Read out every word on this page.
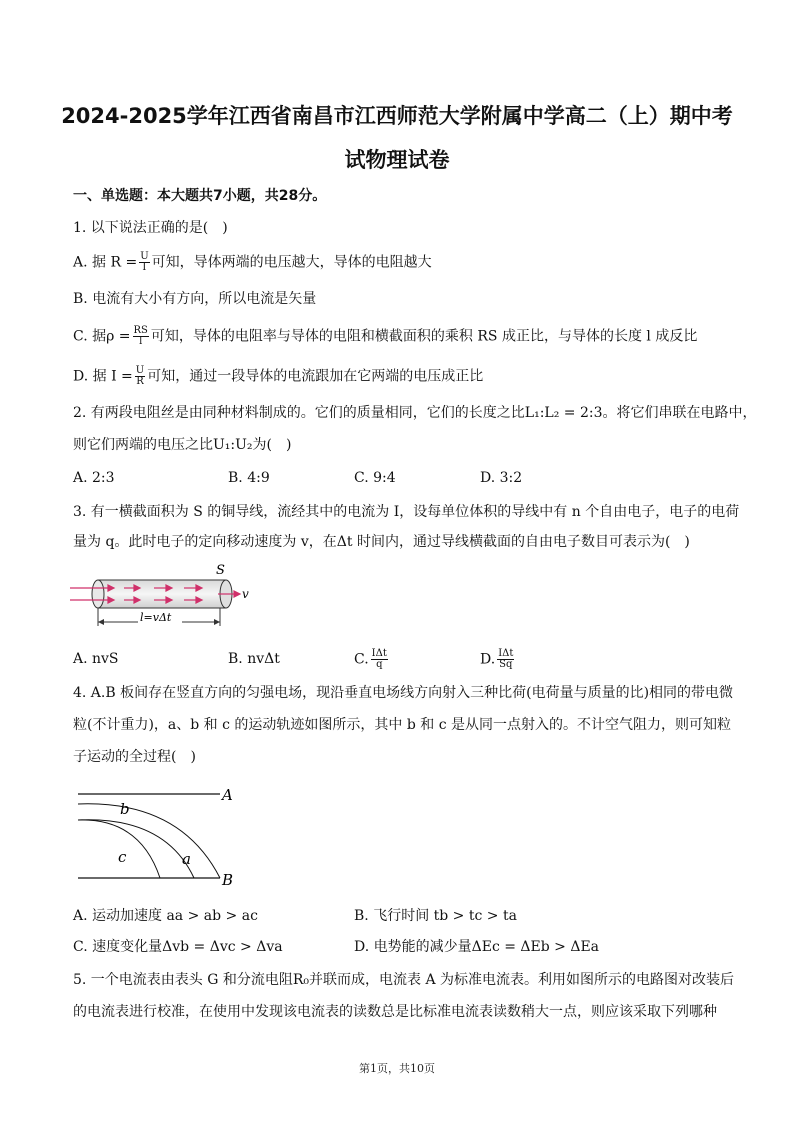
2024-2025学年江西省南昌市江西师范大学附属中学高二（上）期中考
试物理试卷
一、单选题：本大题共7小题，共28分。
1. 以下说法正确的是(　)
A. 据 $R = \frac{U}{I}$ 可知，导体两端的电压越大，导体的电阻越大
B. 电流有大小有方向，所以电流是矢量
C. 据$\rho = \frac{RS}{l}$ 可知，导体的电阻率与导体的电阻和横截面积的乘积 RS 成正比，与导体的长度 l 成反比
D. 据 $I = \frac{U}{R}$ 可知，通过一段导体的电流跟加在它两端的电压成正比
2. 有两段电阻丝是由同种材料制成的。它们的质量相同，它们的长度之比L₁:L₂ = 2:3。将它们串联在电路中，
则它们两端的电压之比U₁:U₂为(　)
A. 2:3	B. 4:9	C. 9:4	D. 3:2
3. 有一横截面积为 S 的铜导线，流经其中的电流为 I，设每单位体积的导线中有 n 个自由电子，电子的电荷
量为 q。此时电子的定向移动速度为 v，在Δt 时间内，通过导线横截面的自由电子数目可表示为(　)
S
v
l=vΔt
A. nvS	B. nvΔt	C. $\frac{\text{IΔt}}{q}$	D. $\frac{\text{IΔt}}{Sq}$
4. A.B 板间存在竖直方向的匀强电场，现沿垂直电场线方向射入三种比荷(电荷量与质量的比)相同的带电微
粒(不计重力)，a、b 和 c 的运动轨迹如图所示，其中 b 和 c 是从同一点射入的。不计空气阻力，则可知粒
子运动的全过程(　)
A
B
b
c	a
A. 运动加速度 aa > ab > ac	B. 飞行时间 tb > tc > ta
C. 速度变化量Δvb = Δvc > Δva	D. 电势能的减少量ΔEc = ΔEb > ΔEa
5. 一个电流表由表头 G 和分流电阻R₀并联而成，电流表 A 为标准电流表。利用如图所示的电路图对改装后
的电流表进行校准，在使用中发现该电流表的读数总是比标准电流表读数稍大一点，则应该采取下列哪种
第1页，共10页
